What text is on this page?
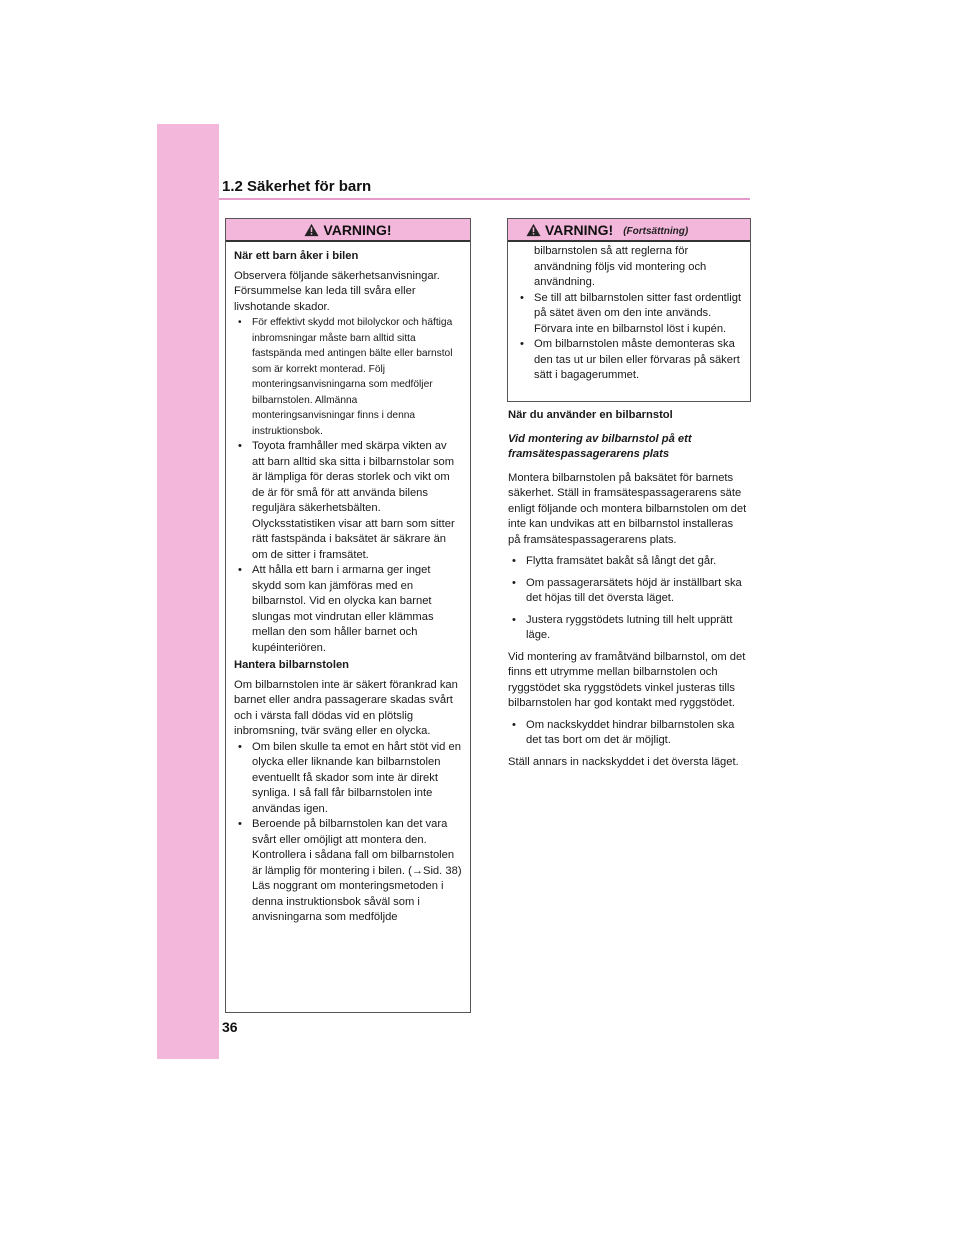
1.2 Säkerhet för barn
VARNING!

När ett barn åker i bilen

Observera följande säkerhetsanvisningar. Försummelse kan leda till svåra eller livshotande skador.

• För effektivt skydd mot bilolyckor och häftiga inbromsningar måste barn alltid sitta fastspända med antingen bälte eller barnstol som är korrekt monterad. Följ monteringsanvisningarna som medföljer bilbarnstolen. Allmänna monteringsanvisningar finns i denna instruktionsbok.
• Toyota framhåller med skärpa vikten av att barn alltid ska sitta i bilbarnstolar som är lämpliga för deras storlek och vikt om de är för små för att använda bilens reguljära säkerhetsbälten. Olycksstatistiken visar att barn som sitter rätt fastspända i baksätet är säkrare än om de sitter i framsätet.
• Att hålla ett barn i armarna ger inget skydd som kan jämföras med en bilbarnstol. Vid en olycka kan barnet slungas mot vindrutan eller klämmas mellan den som håller barnet och kupéinteriören.

Hantera bilbarnstolen

Om bilbarnstolen inte är säkert förankrad kan barnet eller andra passagerare skadas svårt och i värsta fall dödas vid en plötslig inbromsning, tvär sväng eller en olycka.

• Om bilen skulle ta emot en hårt stöt vid en olycka eller liknande kan bilbarnstolen eventuellt få skador som inte är direkt synliga. I så fall får bilbarnstolen inte användas igen.
• Beroende på bilbarnstolen kan det vara svårt eller omöjligt att montera den. Kontrollera i sådana fall om bilbarnstolen är lämplig för montering i bilen. (→Sid. 38) Läs noggrant om monteringsmetoden i denna instruktionsbok såväl som i anvisningarna som medföljde
VARNING! (Fortsättning)

bilbarnstolen så att reglerna för användning följs vid montering och användning.

• Se till att bilbarnstolen sitter fast ordentligt på sätet även om den inte används. Förvara inte en bilbarnstol löst i kupén.
• Om bilbarnstolen måste demonteras ska den tas ut ur bilen eller förvaras på säkert sätt i bagagerummet.

När du använder en bilbarnstol

Vid montering av bilbarnstol på ett framsätespassagerarens plats

Montera bilbarnstolen på baksätet för barnets säkerhet. Ställ in framsätespassagerarens säte enligt följande och montera bilbarnstolen om det inte kan undvikas att en bilbarnstol installeras på framsätespassagerarens plats.

• Flytta framsätet bakåt så långt det går.
• Om passagerarsätets höjd är inställbart ska det höjas till det översta läget.
• Justera ryggstödets lutning till helt upprätt läge.

Vid montering av framåtvänd bilbarnstol, om det finns ett utrymme mellan bilbarnstolen och ryggstödet ska ryggstödets vinkel justeras tills bilbarnstolen har god kontakt med ryggstödet.

• Om nackskyddet hindrar bilbarnstolen ska det tas bort om det är möjligt.

Ställ annars in nackskyddet i det översta läget.

36
